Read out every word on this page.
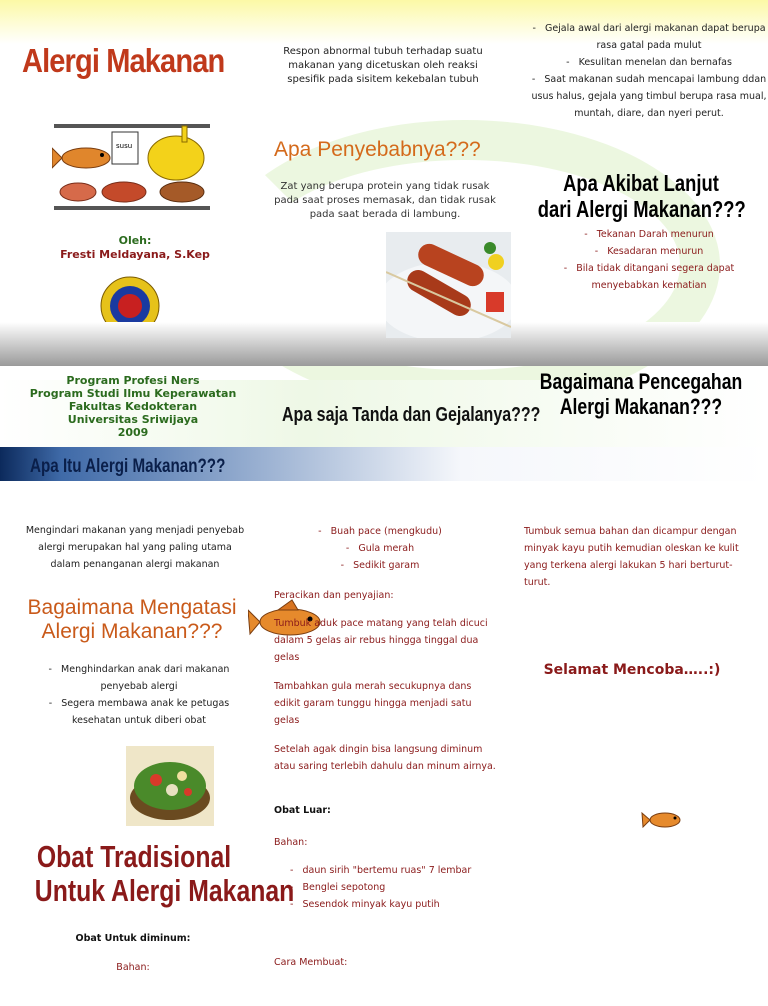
Alergi Makanan
susu
Oleh:
Fresti Meldayana, S.Kep
Respon abnormal tubuh terhadap suatu makanan yang dicetuskan oleh reaksi spesifik pada sisitem kekebalan tubuh
Apa Penyebabnya???
Zat yang berupa protein yang tidak rusak pada saat proses memasak, dan tidak rusak pada saat berada di lambung.
-   Gejala awal dari alergi makanan dapat berupa rasa gatal pada mulut
-   Kesulitan menelan dan bernafas
-   Saat makanan sudah mencapai lambung ddan usus halus, gejala yang timbul berupa rasa mual, muntah, diare, dan nyeri perut.
Apa Akibat Lanjut
dari Alergi Makanan???
-   Tekanan Darah menurun
-   Kesadaran menurun
-   Bila tidak ditangani segera dapat menyebabkan kematian
Program Profesi Ners
Program Studi Ilmu Keperawatan
Fakultas Kedokteran
Universitas Sriwijaya
2009
Apa saja Tanda dan Gejalanya???
Bagaimana Pencegahan
Alergi Makanan???
Apa Itu Alergi Makanan???
Mengindari makanan yang menjadi penyebab alergi merupakan hal yang paling utama dalam penanganan alergi makanan
Bagaimana Mengatasi
Alergi Makanan???
-   Menghindarkan anak dari makanan penyebab alergi
-   Segera membawa anak ke petugas kesehatan untuk diberi obat
Obat Tradisional
Untuk Alergi Makanan
Obat Untuk diminum:
Bahan:
-   Buah pace (mengkudu)
-   Gula merah
-   Sedikit garam
Peracikan dan penyajian:
Tumbuk aduk pace matang yang telah dicuci dalam 5 gelas air rebus hingga tinggal dua gelas
Tambahkan gula merah secukupnya dans edikit garam tunggu hingga menjadi satu gelas
Setelah agak dingin bisa langsung diminum atau saring terlebih dahulu dan minum airnya.
Obat Luar:
Bahan:
-   daun sirih "bertemu ruas" 7 lembar
-   Benglei sepotong
-   Sesendok minyak kayu putih
Cara Membuat:
Tumbuk semua bahan dan dicampur dengan minyak kayu putih kemudian oleskan ke kulit yang terkena alergi lakukan 5 hari berturut-turut.
Selamat Mencoba…..:)
